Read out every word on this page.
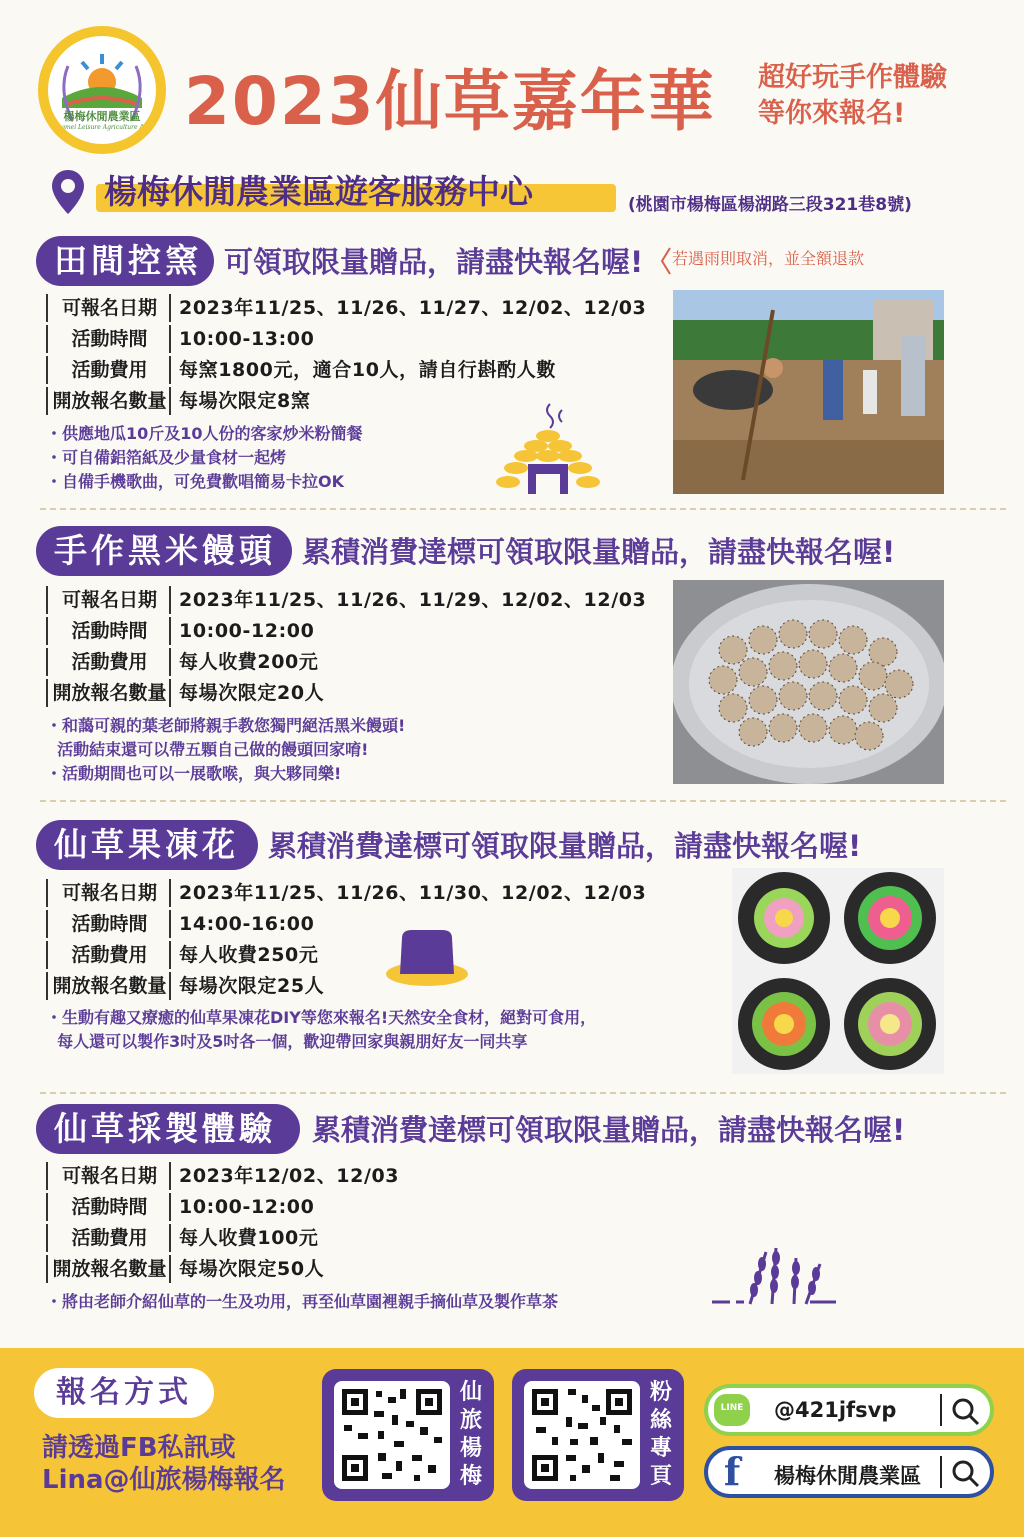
楊梅休閒農業區
Yangmei Leisure Agriculture Area 2023仙草嘉年華 超好玩手作體驗
等你來報名!
楊梅休閒農業區遊客服務中心	(桃園市楊梅區楊湖路三段321巷8號)
田間控窯 可領取限量贈品，請盡快報名喔! 若遇雨則取消，並全額退款
可報名日期 2023年11/25、11/26、11/27、12/02、12/03
活動時間 10:00-13:00
活動費用 每窯1800元，適合10人，請自行斟酌人數
開放報名數量 每場次限定8窯
・供應地瓜10斤及10人份的客家炒米粉簡餐
・可自備鋁箔紙及少量食材一起烤
・自備手機歌曲，可免費歡唱簡易卡拉OK
手作黑米饅頭 累積消費達標可領取限量贈品，請盡快報名喔!
可報名日期 2023年11/25、11/26、11/29、12/02、12/03
活動時間 10:00-12:00
活動費用 每人收費200元
開放報名數量 每場次限定20人
・和藹可親的葉老師將親手教您獨門絕活黑米饅頭!
活動結束還可以帶五顆自己做的饅頭回家唷!
・活動期間也可以一展歌喉，與大夥同樂!
仙草果凍花	累積消費達標可領取限量贈品，請盡快報名喔!
可報名日期 2023年11/25、11/26、11/30、12/02、12/03
活動時間 14:00-16:00
活動費用 每人收費250元
開放報名數量 每場次限定25人
・生動有趣又療癒的仙草果凍花DIY等您來報名!天然安全食材，絕對可食用，
每人還可以製作3吋及5吋各一個，歡迎帶回家與親朋好友一同共享
仙草採製體驗	累積消費達標可領取限量贈品，請盡快報名喔!
可報名日期 2023年12/02、12/03
活動時間 10:00-12:00
活動費用 每人收費100元
開放報名數量 每場次限定50人
・將由老師介紹仙草的一生及功用，再至仙草園裡親手摘仙草及製作草茶
報名方式
請透過FB私訊或
Lina@仙旅楊梅報名
仙旅楊梅
粉絲專頁
LINE	@421jfsvp
f	楊梅休閒農業區
